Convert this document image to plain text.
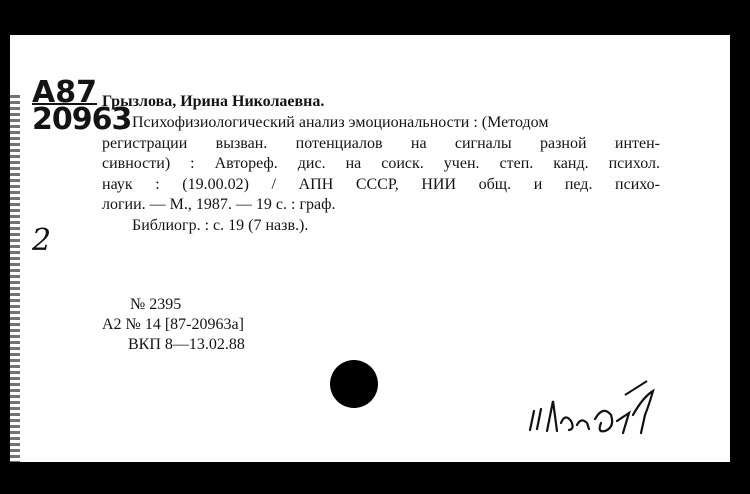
А87
20963
Грызлова, Ирина Николаевна.
Психофизиологический анализ эмоциональности : (Методом
регистрации вызван. потенциалов на сигналы разной интен-
сивности) : Автореф. дис. на соиск. учен. степ. канд. психол.
наук : (19.00.02) / АПН СССР, НИИ общ. и пед. психо-
логии. — М., 1987. — 19 с. : граф.
Библиогр. : с. 19 (7 назв.).
2
№ 2395
А2 № 14 [87-20963а]
ВКП 8—13.02.88
